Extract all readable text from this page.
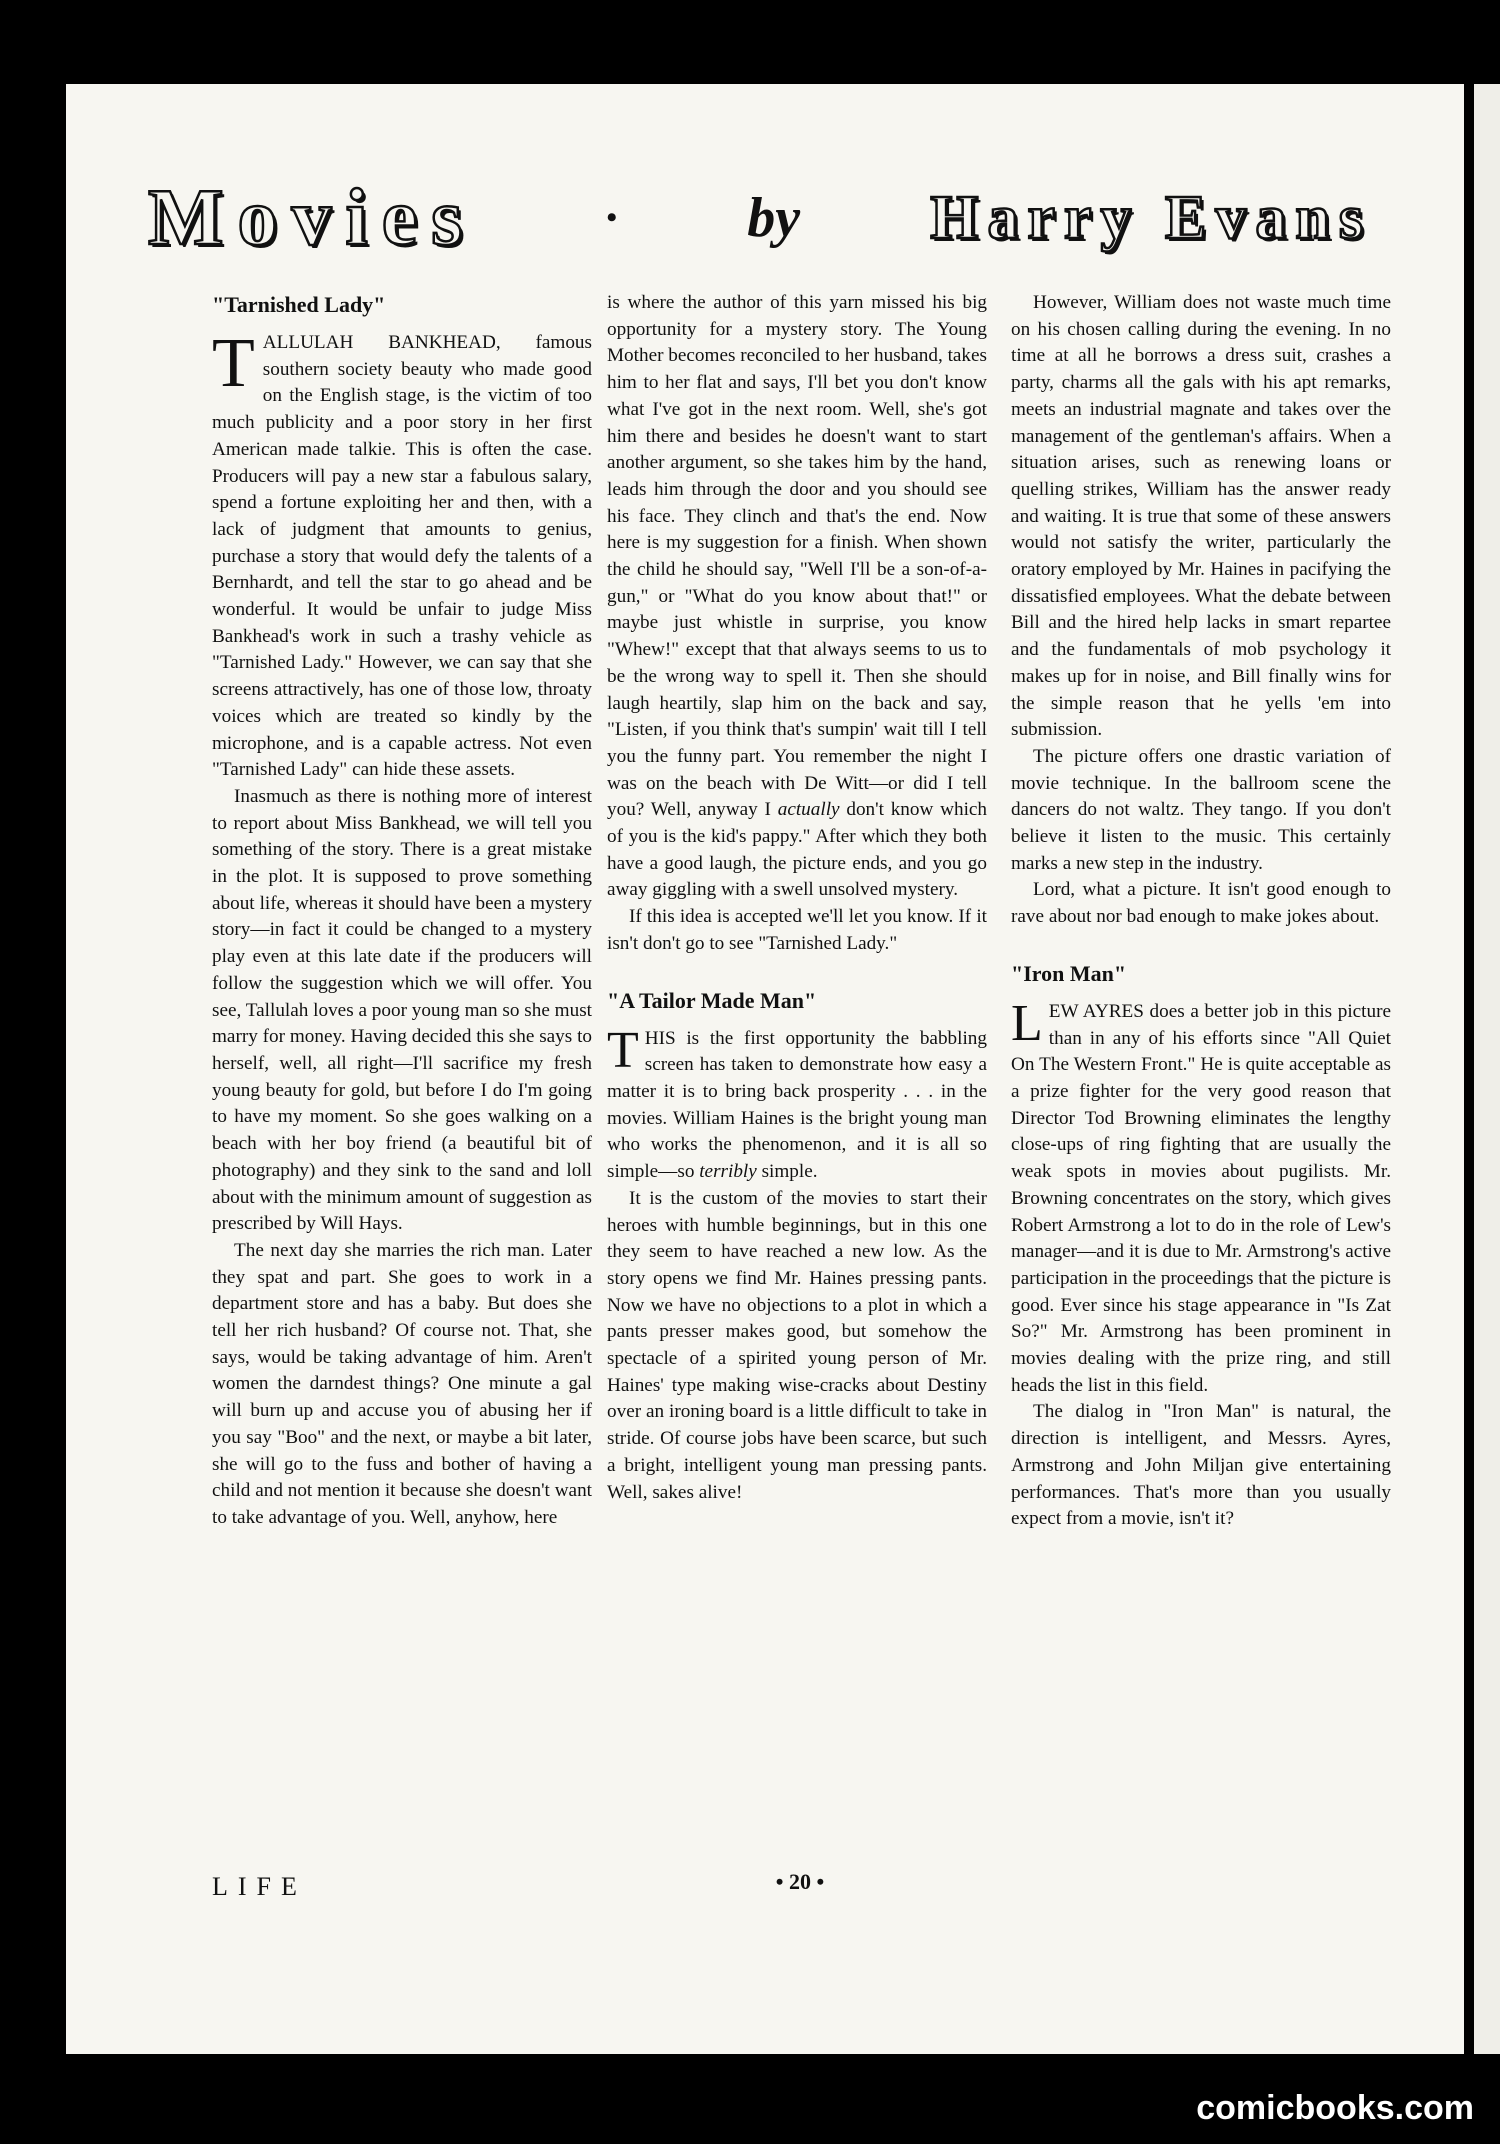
Movies	• by Harry Evans
"Tarnished Lady"

TALLULAH BANKHEAD, famous southern society beauty who made good on the English stage, is the victim of too much publicity and a poor story in her first American made talkie. This is often the case. Producers will pay a new star a fabulous salary, spend a fortune exploiting her and then, with a lack of judgment that amounts to genius, purchase a story that would defy the talents of a Bernhardt, and tell the star to go ahead and be wonderful. It would be unfair to judge Miss Bankhead's work in such a trashy vehicle as "Tarnished Lady." However, we can say that she screens attractively, has one of those low, throaty voices which are treated so kindly by the microphone, and is a capable actress. Not even "Tarnished Lady" can hide these assets.

Inasmuch as there is nothing more of interest to report about Miss Bankhead, we will tell you something of the story. There is a great mistake in the plot. It is supposed to prove something about life, whereas it should have been a mystery story—in fact it could be changed to a mystery play even at this late date if the producers will follow the suggestion which we will offer. You see, Tallulah loves a poor young man so she must marry for money. Having decided this she says to herself, well, all right—I'll sacrifice my fresh young beauty for gold, but before I do I'm going to have my moment. So she goes walking on a beach with her boy friend (a beautiful bit of photography) and they sink to the sand and loll about with the minimum amount of suggestion as prescribed by Will Hays.

The next day she marries the rich man. Later they spat and part. She goes to work in a department store and has a baby. But does she tell her rich husband? Of course not. That, she says, would be taking advantage of him. Aren't women the darndest things? One minute a gal will burn up and accuse you of abusing her if you say "Boo" and the next, or maybe a bit later, she will go to the fuss and bother of having a child and not mention it because she doesn't want to take advantage of you. Well, anyhow, here

is where the author of this yarn missed his big opportunity for a mystery story. The Young Mother becomes reconciled to her husband, takes him to her flat and says, I'll bet you don't know what I've got in the next room. Well, she's got him there and besides he doesn't want to start another argument, so she takes him by the hand, leads him through the door and you should see his face. They clinch and that's the end. Now here is my suggestion for a finish. When shown the child he should say, "Well I'll be a son-of-a-gun," or "What do you know about that!" or maybe just whistle in surprise, you know "Whew!" except that that always seems to us to be the wrong way to spell it. Then she should laugh heartily, slap him on the back and say, "Listen, if you think that's sumpin' wait till I tell you the funny part. You remember the night I was on the beach with De Witt—or did I tell you? Well, anyway I actually don't know which of you is the kid's pappy." After which they both have a good laugh, the picture ends, and you go away giggling with a swell unsolved mystery.

If this idea is accepted we'll let you know. If it isn't don't go to see "Tarnished Lady."

"A Tailor Made Man"

THIS is the first opportunity the babbling screen has taken to demonstrate how easy a matter it is to bring back prosperity . . . in the movies. William Haines is the bright young man who works the phenomenon, and it is all so simple—so terribly simple.

It is the custom of the movies to start their heroes with humble beginnings, but in this one they seem to have reached a new low. As the story opens we find Mr. Haines pressing pants. Now we have no objections to a plot in which a pants presser makes good, but somehow the spectacle of a spirited young person of Mr. Haines' type making wise-cracks about Destiny over an ironing board is a little difficult to take in stride. Of course jobs have been scarce, but such a bright, intelligent young man pressing pants. Well, sakes alive!

However, William does not waste much time on his chosen calling during the evening. In no time at all he borrows a dress suit, crashes a party, charms all the gals with his apt remarks, meets an industrial magnate and takes over the management of the gentleman's affairs. When a situation arises, such as renewing loans or quelling strikes, William has the answer ready and waiting. It is true that some of these answers would not satisfy the writer, particularly the oratory employed by Mr. Haines in pacifying the dissatisfied employees. What the debate between Bill and the hired help lacks in smart repartee and the fundamentals of mob psychology it makes up for in noise, and Bill finally wins for the simple reason that he yells 'em into submission.

The picture offers one drastic variation of movie technique. In the ballroom scene the dancers do not waltz. They tango. If you don't believe it listen to the music. This certainly marks a new step in the industry.

Lord, what a picture. It isn't good enough to rave about nor bad enough to make jokes about.

"Iron Man"

LEW AYRES does a better job in this picture than in any of his efforts since "All Quiet On The Western Front." He is quite acceptable as a prize fighter for the very good reason that Director Tod Browning eliminates the lengthy close-ups of ring fighting that are usually the weak spots in movies about pugilists. Mr. Browning concentrates on the story, which gives Robert Armstrong a lot to do in the role of Lew's manager—and it is due to Mr. Armstrong's active participation in the proceedings that the picture is good. Ever since his stage appearance in "Is Zat So?" Mr. Armstrong has been prominent in movies dealing with the prize ring, and still heads the list in this field.

The dialog in "Iron Man" is natural, the direction is intelligent, and Messrs. Ayres, Armstrong and John Miljan give entertaining performances. That's more than you usually expect from a movie, isn't it?

LIFE	• 20 •
comicbooks.com
